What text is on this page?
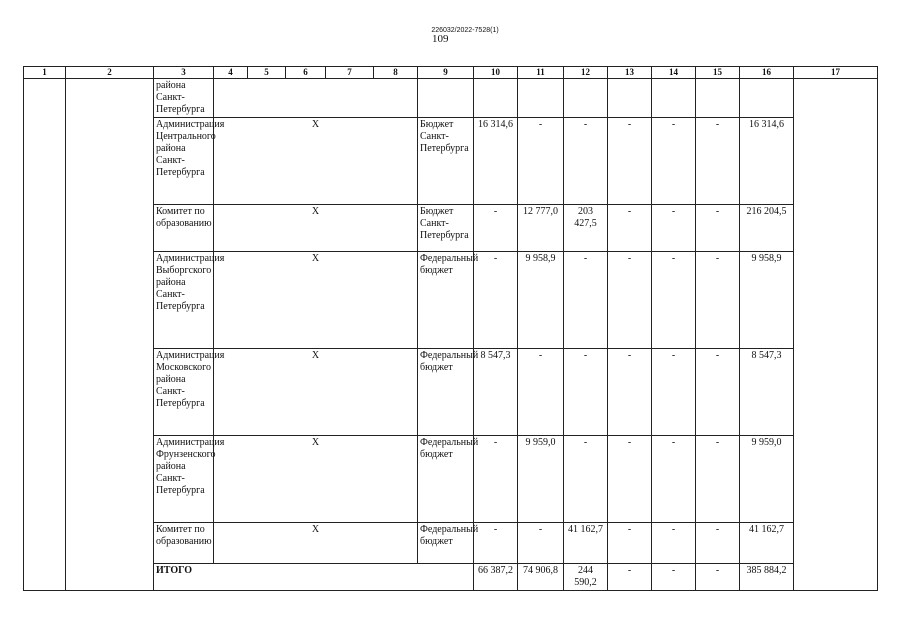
226032/2022-7528(1)
109
1	2	3	4	5	6	7	8	9	10	11	12	13	14	15	16	17
		района Санкт-Петербурга														
		Администрация Центрального района Санкт-Петербурга	Х					Бюджет Санкт-Петербурга	16 314,6	-	-	-	-	-	16 314,6	
		Комитет по образованию	Х					Бюджет Санкт-Петербурга	-	12 777,0	203 427,5	-	-	-	216 204,5	
		Администрация Выборгского района Санкт-Петербурга	Х					Федеральный бюджет	-	9 958,9	-	-	-	-	9 958,9	
		Администрация Московского района Санкт-Петербурга	Х					Федеральный бюджет	8 547,3	-	-	-	-	-	8 547,3	
		Администрация Фрунзенского района Санкт-Петербурга	Х					Федеральный бюджет	-	9 959,0	-	-	-	-	9 959,0	
		Комитет по образованию	Х					Федеральный бюджет	-	-	41 162,7	-	-	-	41 162,7	
		ИТОГО							66 387,2	74 906,8	244 590,2	-	-	-	385 884,2	
